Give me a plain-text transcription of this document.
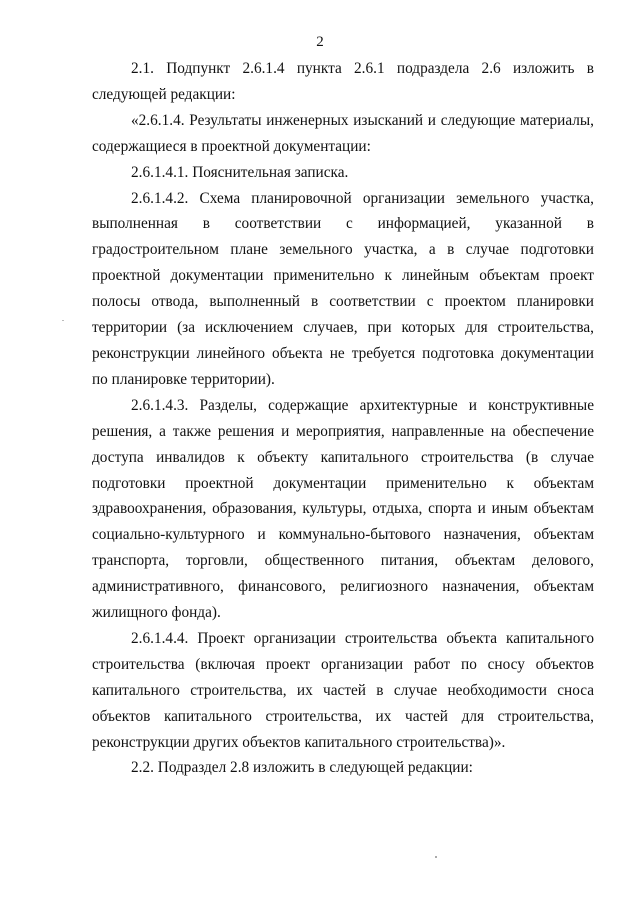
2

2.1. Подпункт 2.6.1.4 пункта 2.6.1 подраздела 2.6 изложить в следующей редакции:

«2.6.1.4. Результаты инженерных изысканий и следующие материалы, содержащиеся в проектной документации:

2.6.1.4.1. Пояснительная записка.

2.6.1.4.2. Схема планировочной организации земельного участка, выполненная в соответствии с информацией, указанной в градостроительном плане земельного участка, а в случае подготовки проектной документации применительно к линейным объектам проект полосы отвода, выполненный в соответствии с проектом планировки территории (за исключением случаев, при которых для строительства, реконструкции линейного объекта не требуется подготовка документации по планировке территории).

2.6.1.4.3. Разделы, содержащие архитектурные и конструктивные решения, а также решения и мероприятия, направленные на обеспечение доступа инвалидов к объекту капитального строительства (в случае подготовки проектной документации применительно к объектам здравоохранения, образования, культуры, отдыха, спорта и иным объектам социально-культурного и коммунально-бытового назначения, объектам транспорта, торговли, общественного питания, объектам делового, административного, финансового, религиозного назначения, объектам жилищного фонда).

2.6.1.4.4. Проект организации строительства объекта капитального строительства (включая проект организации работ по сносу объектов капитального строительства, их частей в случае необходимости сноса объектов капитального строительства, их частей для строительства, реконструкции других объектов капитального строительства)».

2.2. Подраздел 2.8 изложить в следующей редакции:
